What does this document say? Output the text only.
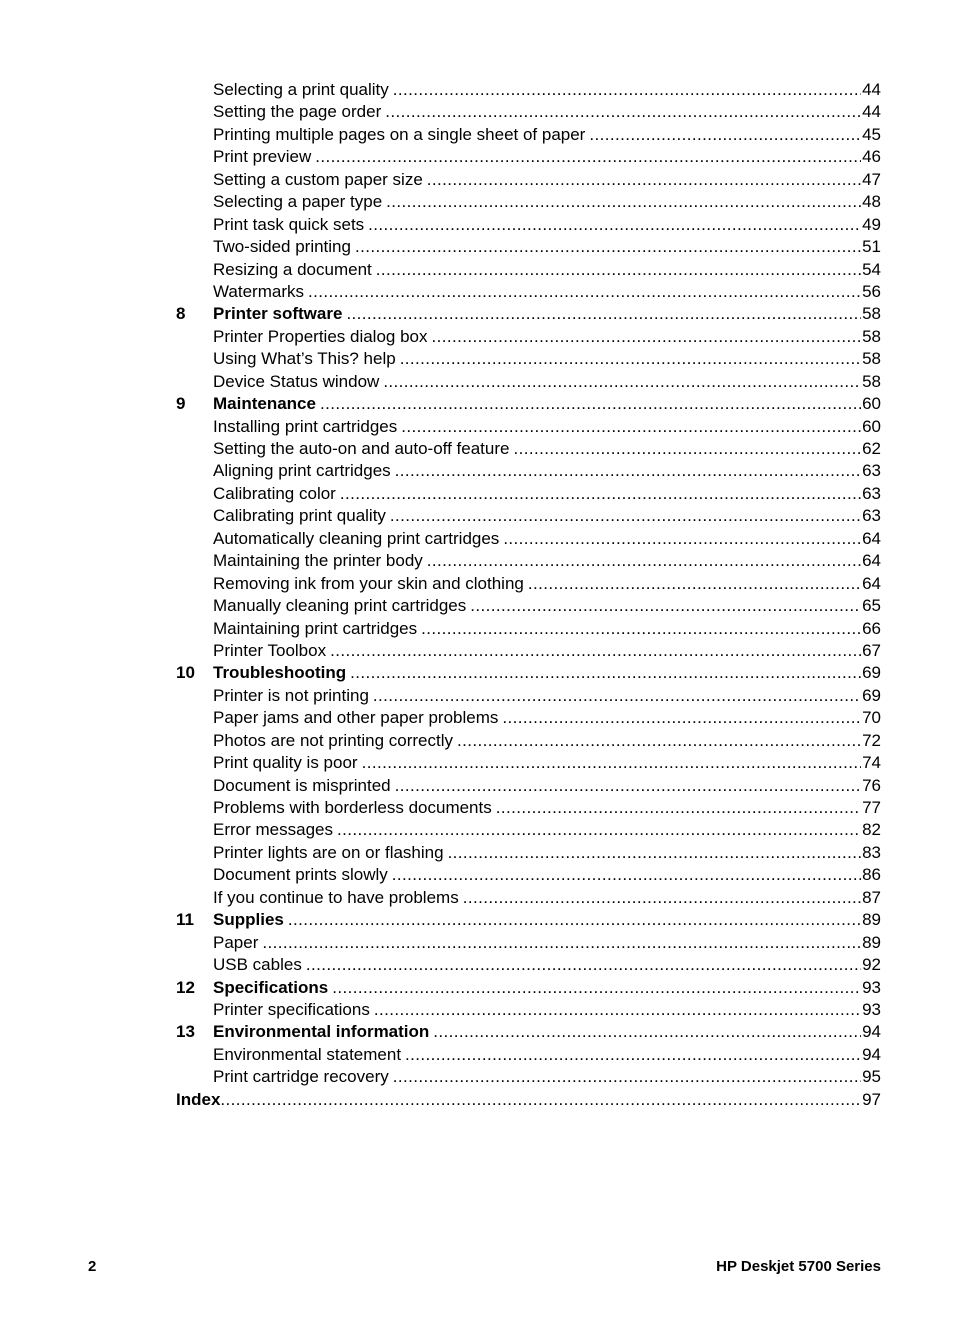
Selecting a print quality .....	44
Setting the page order .....	44
Printing multiple pages on a single sheet of paper .....	45
Print preview .....	46
Setting a custom paper size .....	47
Selecting a paper type .....	48
Print task quick sets .....	49
Two-sided printing .....	51
Resizing a document .....	54
Watermarks .....	56
8	Printer software .....	58
Printer Properties dialog box .....	58
Using What’s This? help .....	58
Device Status window .....	58
9	Maintenance .....	60
Installing print cartridges .....	60
Setting the auto-on and auto-off feature .....	62
Aligning print cartridges .....	63
Calibrating color .....	63
Calibrating print quality .....	63
Automatically cleaning print cartridges .....	64
Maintaining the printer body .....	64
Removing ink from your skin and clothing .....	64
Manually cleaning print cartridges .....	65
Maintaining print cartridges .....	66
Printer Toolbox .....	67
10	Troubleshooting .....	69
Printer is not printing .....	69
Paper jams and other paper problems .....	70
Photos are not printing correctly .....	72
Print quality is poor .....	74
Document is misprinted .....	76
Problems with borderless documents .....	77
Error messages .....	82
Printer lights are on or flashing .....	83
Document prints slowly .....	86
If you continue to have problems .....	87
11	Supplies .....	89
Paper .....	89
USB cables .....	92
12	Specifications .....	93
Printer specifications .....	93
13	Environmental information .....	94
Environmental statement .....	94
Print cartridge recovery .....	95
Index .....	97
2	HP Deskjet 5700 Series
